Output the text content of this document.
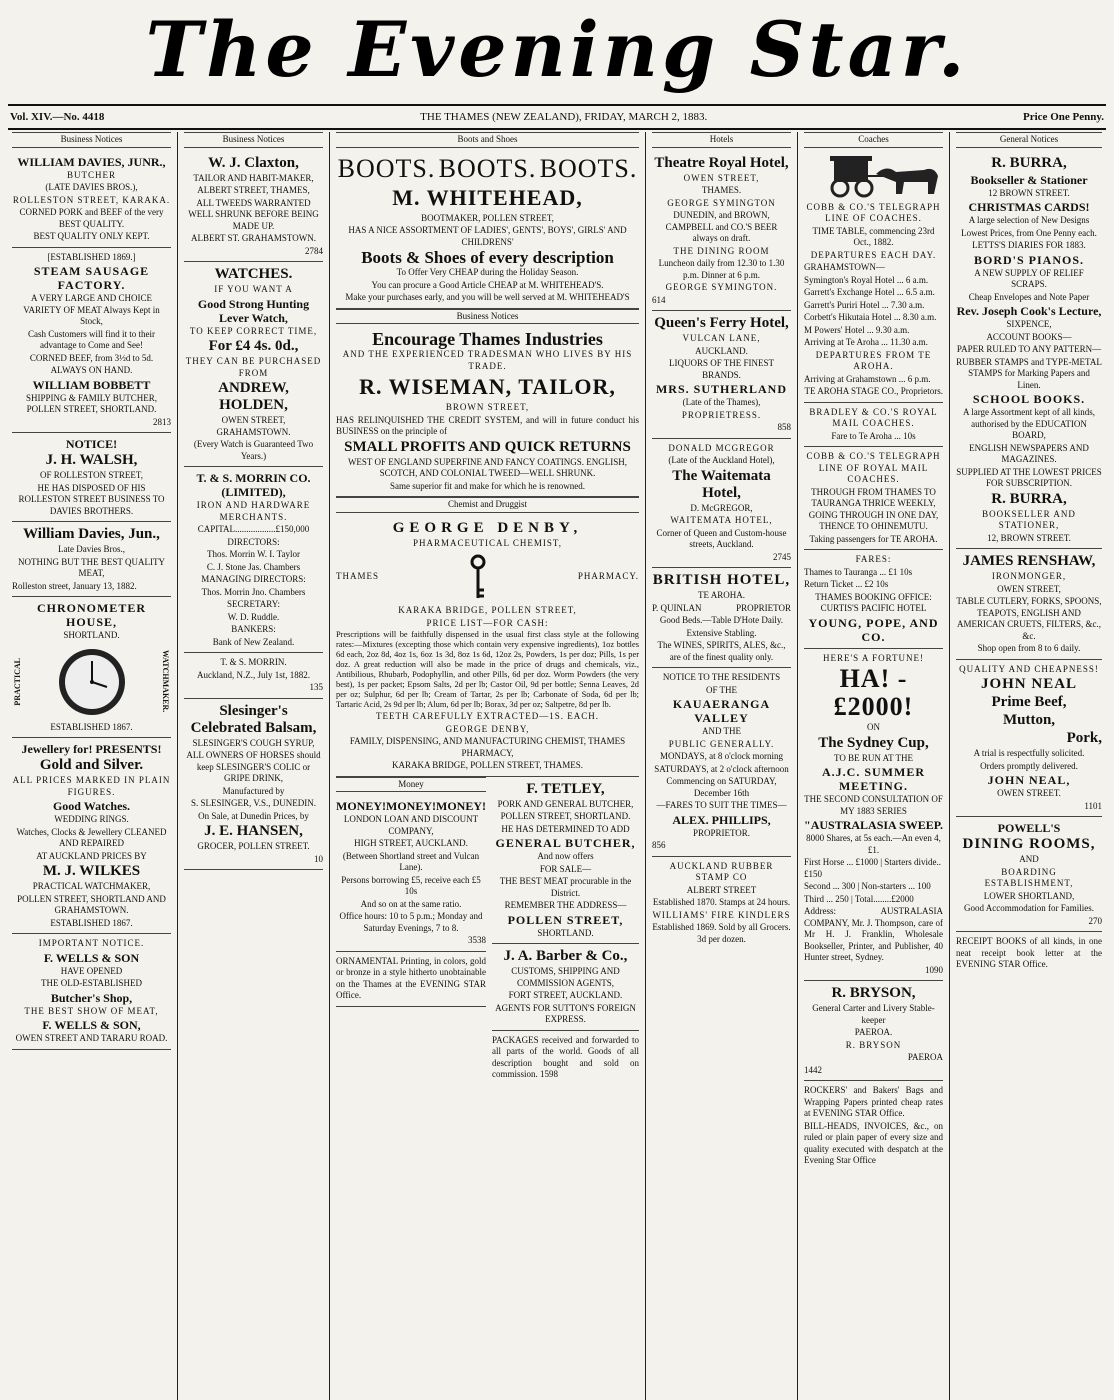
The Evening Star.
Vol. XIV.—No. 4418	THE THAMES (NEW ZEALAND), FRIDAY, MARCH 2, 1883.	Price One Penny.
Business Notices

WILLIAM DAVIES, JUNR.,

BUTCHER

(LATE DAVIES BROS.),

ROLLESTON STREET, KARAKA.

CORNED PORK and BEEF of the very BEST QUALITY.

BEST QUALITY ONLY KEPT.

[ESTABLISHED 1869.]

STEAM SAUSAGE FACTORY.

A VERY LARGE AND CHOICE VARIETY OF MEAT Always Kept in Stock,

Cash Customers will find it to their advantage to Come and See!

CORNED BEEF, from 3½d to 5d.

ALWAYS ON HAND.

WILLIAM BOBBETT

SHIPPING & FAMILY BUTCHER, POLLEN STREET, SHORTLAND.

2813

NOTICE!

J. H. WALSH,

OF ROLLESTON STREET,

HE HAS DISPOSED OF HIS ROLLESTON STREET BUSINESS TO DAVIES BROTHERS.

William Davies, Jun.,

Late Davies Bros.,

NOTHING BUT THE BEST QUALITY MEAT,

Rolleston street, January 13, 1882.

CHRONOMETER HOUSE,

SHORTLAND.

PRACTICAL	WATCHMAKER.

ESTABLISHED 1867.

Jewellery for! PRESENTS!

Gold and Silver.

ALL PRICES MARKED IN PLAIN FIGURES.

Good Watches.

WEDDING RINGS.

Watches, Clocks & Jewellery CLEANED AND REPAIRED

AT AUCKLAND PRICES BY

M. J. WILKES

PRACTICAL WATCHMAKER,

POLLEN STREET, SHORTLAND AND GRAHAMSTOWN.

ESTABLISHED 1867.

IMPORTANT NOTICE.

F. WELLS & SON

HAVE OPENED

THE OLD-ESTABLISHED

Butcher's Shop,

THE BEST SHOW OF MEAT,

F. WELLS & SON,

OWEN STREET AND TARARU ROAD.

Business Notices

W. J. Claxton,

TAILOR AND HABIT-MAKER,

ALBERT STREET, THAMES,

ALL TWEEDS WARRANTED WELL SHRUNK BEFORE BEING MADE UP.

ALBERT ST. GRAHAMSTOWN.

2784

WATCHES.

IF YOU WANT A

Good Strong Hunting Lever Watch,

TO KEEP CORRECT TIME,

For £4 4s. 0d.,

THEY CAN BE PURCHASED FROM

ANDREW, HOLDEN,

OWEN STREET, GRAHAMSTOWN.

(Every Watch is Guaranteed Two Years.)

T. & S. MORRIN CO. (LIMITED),

IRON AND HARDWARE MERCHANTS.

CAPITAL..................£150,000

DIRECTORS:

Thos. Morrin W. I. Taylor

C. J. Stone Jas. Chambers

MANAGING DIRECTORS:

Thos. Morrin Jno. Chambers

SECRETARY:

W. D. Ruddle.

BANKERS:

Bank of New Zealand.

T. & S. MORRIN.

Auckland, N.Z., July 1st, 1882.

135

Slesinger's Celebrated Balsam,

SLESINGER'S COUGH SYRUP,

ALL OWNERS OF HORSES should keep SLESINGER'S COLIC or GRIPE DRINK,

Manufactured by

S. SLESINGER, V.S., DUNEDIN.

On Sale, at Dunedin Prices, by

J. E. HANSEN,

GROCER, POLLEN STREET.

10

Boots and Shoes

BOOTS. BOOTS. BOOTS.

M. WHITEHEAD,

BOOTMAKER, POLLEN STREET,

HAS A NICE ASSORTMENT OF LADIES', GENTS', BOYS', GIRLS' AND CHILDRENS'

Boots & Shoes of every description

To Offer Very CHEAP during the Holiday Season.

You can procure a Good Article CHEAP at M. WHITEHEAD'S.

Make your purchases early, and you will be well served at M. WHITEHEAD'S

Business Notices

Encourage Thames Industries

AND THE EXPERIENCED TRADESMAN WHO LIVES BY HIS TRADE.

R. WISEMAN, TAILOR,

BROWN STREET,

HAS RELINQUISHED THE CREDIT SYSTEM, and will in future conduct his BUSINESS on the principle of

SMALL PROFITS AND QUICK RETURNS

WEST OF ENGLAND SUPERFINE AND FANCY COATINGS. ENGLISH, SCOTCH, AND COLONIAL TWEED—WELL SHRUNK.

Same superior fit and make for which he is renowned.

Chemist and Druggist

GEORGE DENBY,

PHARMACEUTICAL CHEMIST,

THAMES	PHARMACY.

KARAKA BRIDGE, POLLEN STREET,

PRICE LIST—FOR CASH:

Prescriptions will be faithfully dispensed in the usual first class style at the following rates:—Mixtures (excepting those which contain very expensive ingredients), 1oz bottles 6d each, 2oz 8d, 4oz 1s, 6oz 1s 3d, 8oz 1s 6d, 12oz 2s, Powders, 1s per doz; Pills, 1s per doz. A great reduction will also be made in the price of drugs and chemicals, viz., Antibilious, Rhubarb, Podophyllin, and other Pills, 6d per doz. Worm Powders (the very best), 1s per packet; Epsom Salts, 2d per lb; Castor Oil, 9d per bottle; Senna Leaves, 2d per oz; Sulphur, 6d per lb; Cream of Tartar, 2s per lb; Carbonate of Soda, 6d per lb; Tartaric Acid, 2s 9d per lb; Alum, 6d per lb; Borax, 3d per oz; Saltpetre, 8d per lb.

TEETH CAREFULLY EXTRACTED—1S. EACH.

GEORGE DENBY,

FAMILY, DISPENSING, AND MANUFACTURING CHEMIST, THAMES PHARMACY,

KARAKA BRIDGE, POLLEN STREET, THAMES.

Money

MONEY! MONEY! MONEY!

LONDON LOAN AND DISCOUNT COMPANY,

HIGH STREET, AUCKLAND.

(Between Shortland street and Vulcan Lane).

Persons borrowing £5, receive each £5 10s

And so on at the same ratio.

Office hours: 10 to 5 p.m.; Monday and Saturday Evenings, 7 to 8.

3538

ORNAMENTAL Printing, in colors, gold or bronze in a style hitherto unobtainable on the Thames at the EVENING STAR Office.

F. TETLEY,

PORK AND GENERAL BUTCHER,

POLLEN STREET, SHORTLAND.

HE HAS DETERMINED TO ADD

GENERAL BUTCHER,

And now offers

FOR SALE—

THE BEST MEAT procurable in the District.

REMEMBER THE ADDRESS—

POLLEN STREET,

SHORTLAND.

J. A. Barber & Co.,

CUSTOMS, SHIPPING AND COMMISSION AGENTS,

FORT STREET, AUCKLAND.

AGENTS FOR SUTTON'S FOREIGN EXPRESS.

PACKAGES received and forwarded to all parts of the world. Goods of all description bought and sold on commission. 1598

Hotels

Theatre Royal Hotel,

OWEN STREET,

THAMES.

GEORGE SYMINGTON

DUNEDIN, and BROWN, CAMPBELL and CO.'S BEER always on draft.

THE DINING ROOM

Luncheon daily from 12.30 to 1.30 p.m. Dinner at 6 p.m.

GEORGE SYMINGTON.

614

Queen's Ferry Hotel,

VULCAN LANE,

AUCKLAND.

LIQUORS OF THE FINEST BRANDS.

MRS. SUTHERLAND

(Late of the Thames),

PROPRIETRESS.

858

DONALD MCGREGOR

(Late of the Auckland Hotel),

The Waitemata Hotel,

D. McGREGOR,

WAITEMATA HOTEL,

Corner of Queen and Custom-house streets, Auckland.

2745

BRITISH HOTEL,

TE AROHA.

P. QUINLAN	PROPRIETOR

Good Beds.—Table D'Hote Daily.

Extensive Stabling.

The WINES, SPIRITS, ALES, &c., are of the finest quality only.

NOTICE TO THE RESIDENTS

OF THE

KAUAERANGA VALLEY

AND THE

PUBLIC GENERALLY.

MONDAYS, at 8 o'clock morning

SATURDAYS, at 2 o'clock afternoon

Commencing on SATURDAY, December 16th

—FARES TO SUIT THE TIMES—

ALEX. PHILLIPS,

PROPRIETOR.

856

AUCKLAND RUBBER STAMP CO

ALBERT STREET

Established 1870. Stamps at 24 hours.

WILLIAMS' FIRE KINDLERS

Established 1869. Sold by all Grocers. 3d per dozen.

Coaches

COBB & CO.'S TELEGRAPH LINE OF COACHES.

TIME TABLE, commencing 23rd Oct., 1882.

DEPARTURES EACH DAY.

GRAHAMSTOWN—

Symington's Royal Hotel ... 6 a.m.

Garrett's Exchange Hotel ... 6.5 a.m.

Garrett's Puriri Hotel ... 7.30 a.m.

Corbett's Hikutaia Hotel ... 8.30 a.m.

M Powers' Hotel ... 9.30 a.m.

Arriving at Te Aroha ... 11.30 a.m.

DEPARTURES FROM TE AROHA.

Arriving at Grahamstown ... 6 p.m.

TE AROHA STAGE CO., Proprietors.

BRADLEY & CO.'S ROYAL MAIL COACHES.

Fare to Te Aroha ... 10s

COBB & CO.'S TELEGRAPH LINE OF ROYAL MAIL COACHES.

THROUGH FROM THAMES TO TAURANGA THRICE WEEKLY, GOING THROUGH IN ONE DAY, THENCE TO OHINEMUTU.

Taking passengers for TE AROHA.

FARES:

Thames to Tauranga ... £1 10s

Return Ticket ... £2 10s

THAMES BOOKING OFFICE: CURTIS'S PACIFIC HOTEL

YOUNG, POPE, AND CO.

HERE'S A FORTUNE!

HA! - £2000!

ON

The Sydney Cup,

TO BE RUN AT THE

A.J.C. SUMMER MEETING.

THE SECOND CONSULTATION OF MY 1883 SERIES

"AUSTRALASIA SWEEP.

8000 Shares, at 5s each.—An even 4, £1.

First Horse ... £1000 | Starters divide..£150

Second ... 300 | Non-starters ... 100

Third ... 250 | Total........£2000

Address: AUSTRALASIA COMPANY, Mr. J. Thompson, care of Mr H. J. Franklin, Wholesale Bookseller, Printer, and Publisher, 40 Hunter street, Sydney.

1090

R. BRYSON,

General Carter and Livery Stable-keeper

PAEROA.

R. BRYSON

PAEROA

1442

ROCKERS' and Bakers' Bags and Wrapping Papers printed cheap rates at EVENING STAR Office.

BILL-HEADS, INVOICES, &c., on ruled or plain paper of every size and quality executed with despatch at the Evening Star Office

General Notices

R. BURRA,

Bookseller & Stationer

12 BROWN STREET.

CHRISTMAS CARDS!

A large selection of New Designs

Lowest Prices, from One Penny each.

LETTS'S DIARIES FOR 1883.

BORD'S PIANOS.

A NEW SUPPLY OF RELIEF SCRAPS.

Cheap Envelopes and Note Paper

Rev. Joseph Cook's Lecture,

SIXPENCE,

ACCOUNT BOOKS—

PAPER RULED TO ANY PATTERN—

RUBBER STAMPS and TYPE-METAL STAMPS for Marking Papers and Linen.

SCHOOL BOOKS.

A large Assortment kept of all kinds, authorised by the EDUCATION BOARD,

ENGLISH NEWSPAPERS AND MAGAZINES.

SUPPLIED AT THE LOWEST PRICES FOR SUBSCRIPTION.

R. BURRA,

BOOKSELLER AND STATIONER,

12, BROWN STREET.

JAMES RENSHAW,

IRONMONGER,

OWEN STREET,

TABLE CUTLERY, FORKS, SPOONS, TEAPOTS, ENGLISH AND AMERICAN CRUETS, FILTERS, &c., &c.

Shop open from 8 to 6 daily.

QUALITY AND CHEAPNESS!

JOHN NEAL

Prime Beef,

Mutton,

Pork,

A trial is respectfully solicited.

Orders promptly delivered.

JOHN NEAL,

OWEN STREET.

1101

POWELL'S

DINING ROOMS,

AND

BOARDING ESTABLISHMENT,

LOWER SHORTLAND,

Good Accommodation for Families.

270

RECEIPT BOOKS of all kinds, in one neat receipt book letter at the EVENING STAR Office.
